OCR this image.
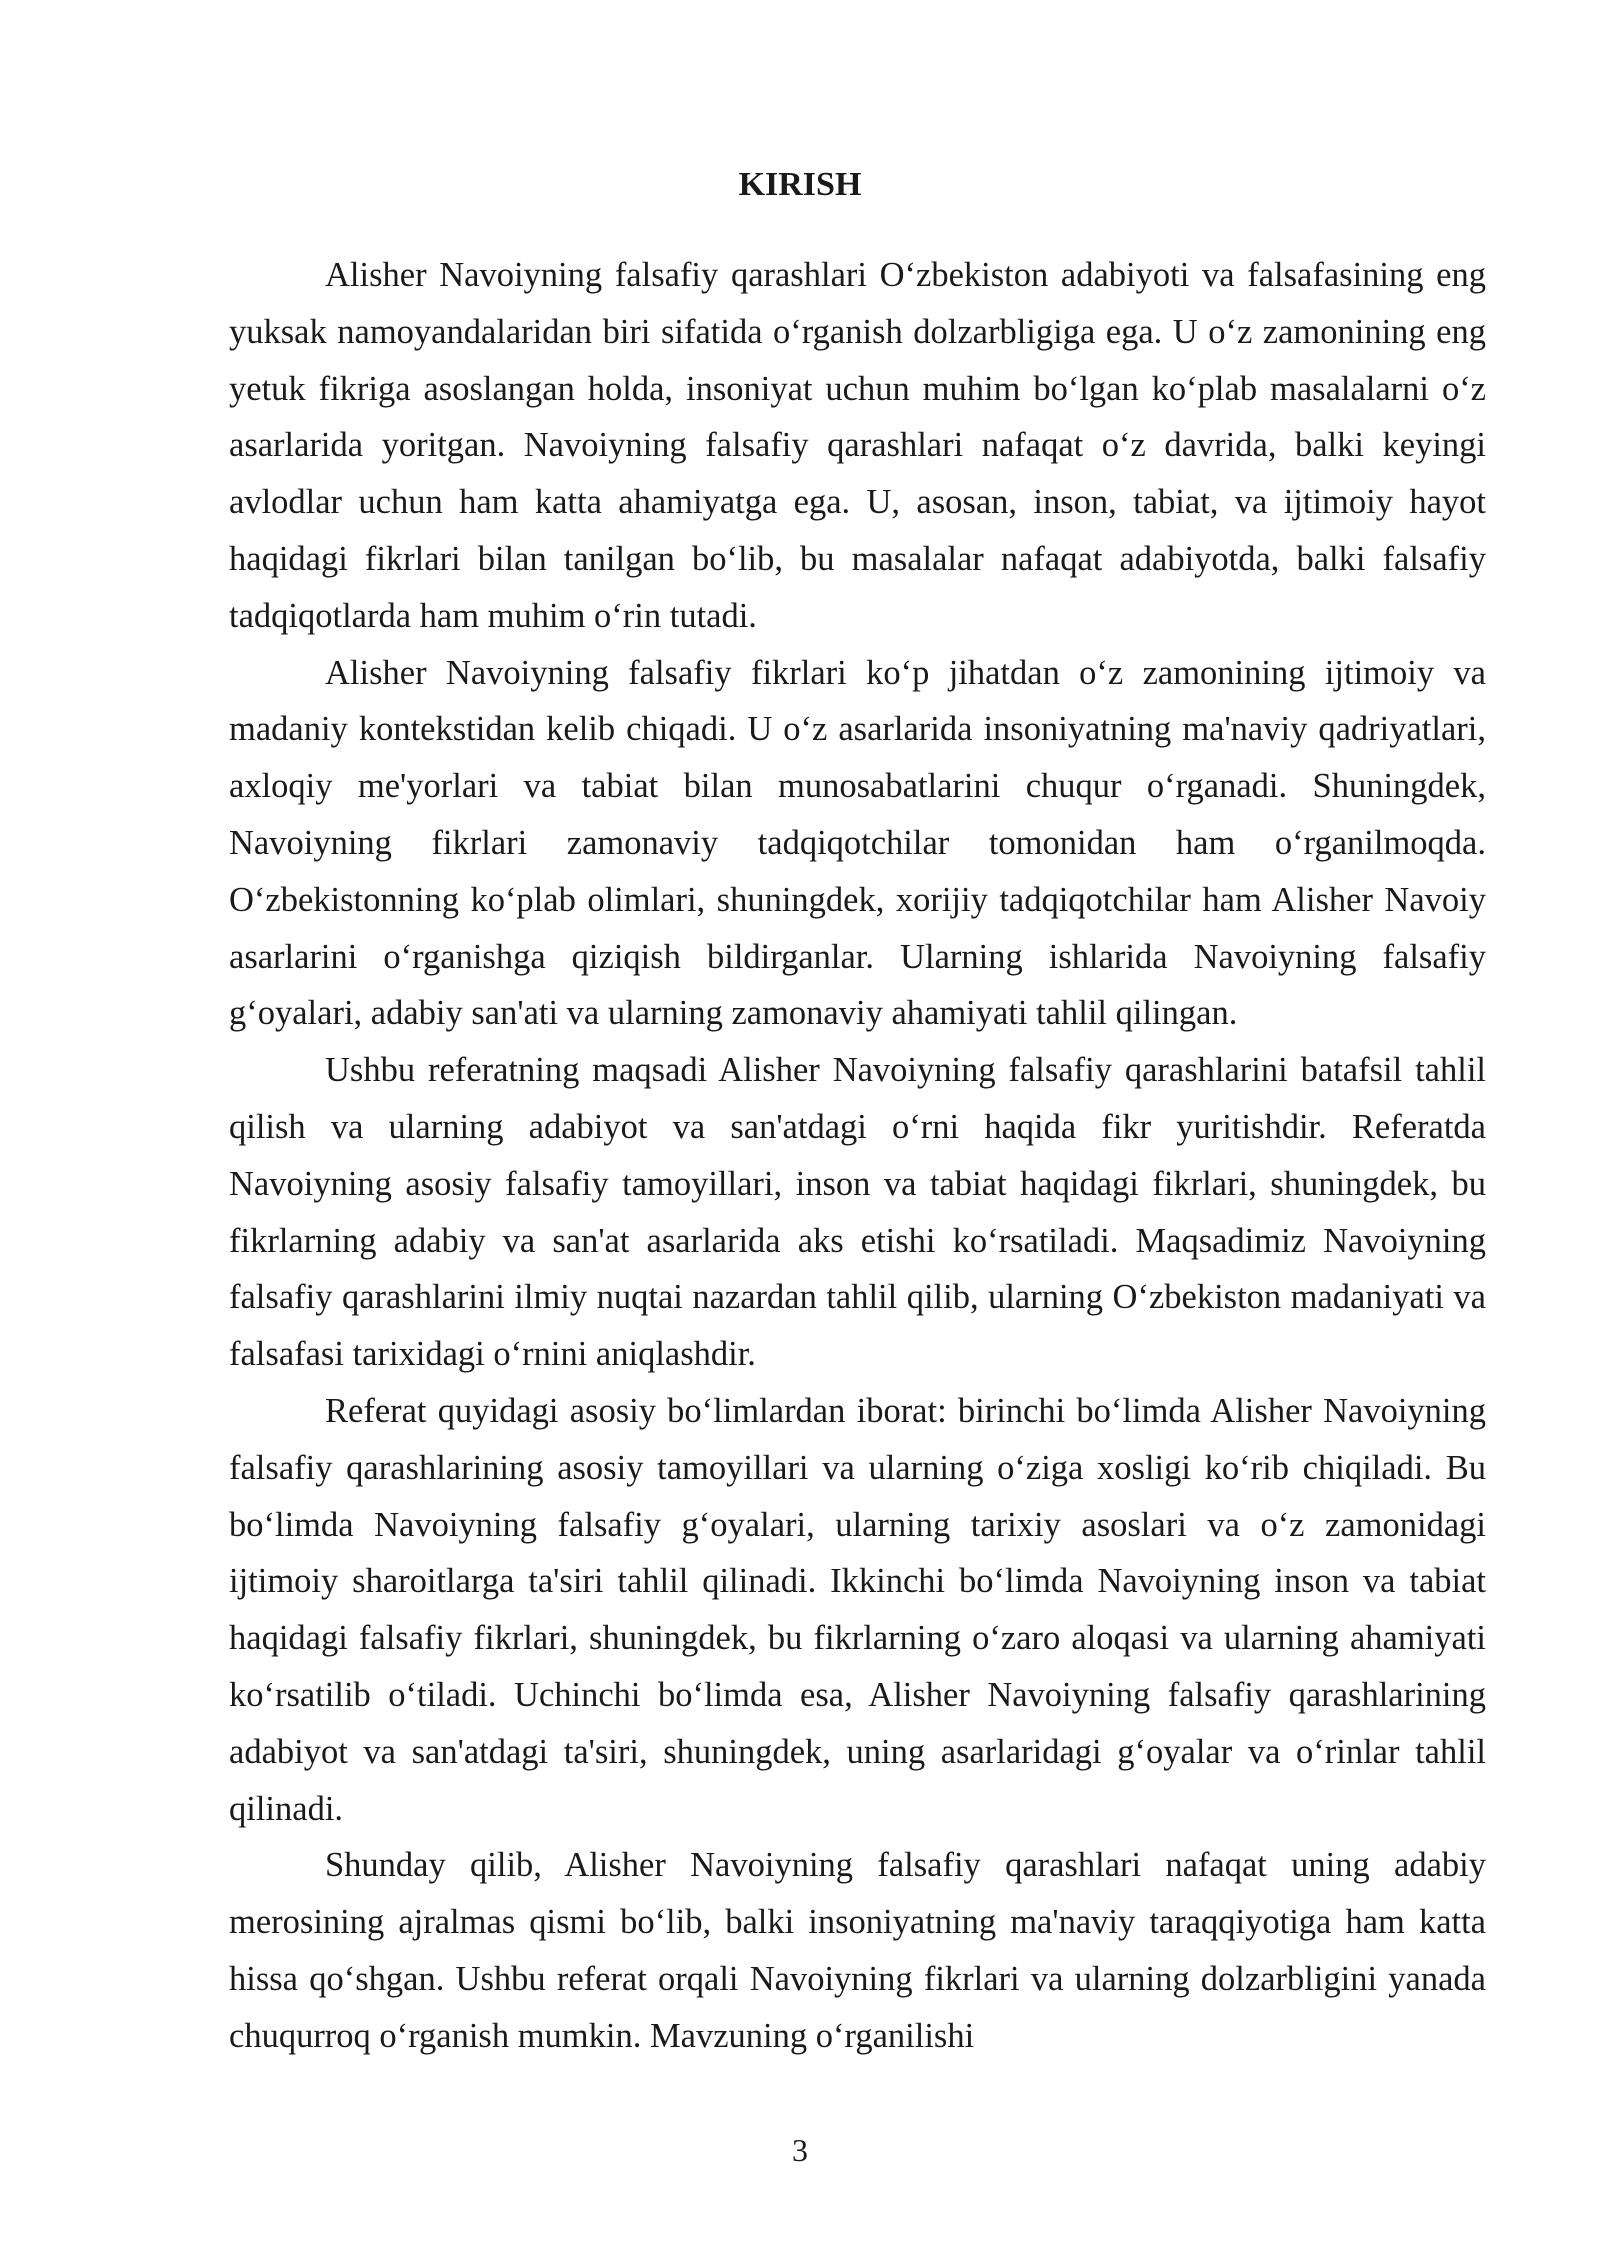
KIRISH

Alisher Navoiyning falsafiy qarashlari O‘zbekiston adabiyoti va falsafasining eng yuksak namoyandalaridan biri sifatida o‘rganish dolzarbligiga ega. U o‘z zamonining eng yetuk fikriga asoslangan holda, insoniyat uchun muhim bo‘lgan ko‘plab masalalarni o‘z asarlarida yoritgan. Navoiyning falsafiy qarashlari nafaqat o‘z davrida, balki keyingi avlodlar uchun ham katta ahamiyatga ega. U, asosan, inson, tabiat, va ijtimoiy hayot haqidagi fikrlari bilan tanilgan bo‘lib, bu masalalar nafaqat adabiyotda, balki falsafiy tadqiqotlarda ham muhim o‘rin tutadi.

Alisher Navoiyning falsafiy fikrlari ko‘p jihatdan o‘z zamonining ijtimoiy va madaniy kontekstidan kelib chiqadi. U o‘z asarlarida insoniyatning ma'naviy qadriyatlari, axloqiy me'yorlari va tabiat bilan munosabatlarini chuqur o‘rganadi. Shuningdek, Navoiyning fikrlari zamonaviy tadqiqotchilar tomonidan ham o‘rganilmoqda. O‘zbekistonning ko‘plab olimlari, shuningdek, xorijiy tadqiqotchilar ham Alisher Navoiy asarlarini o‘rganishga qiziqish bildirganlar. Ularning ishlarida Navoiyning falsafiy g‘oyalari, adabiy san'ati va ularning zamonaviy ahamiyati tahlil qilingan.

Ushbu referatning maqsadi Alisher Navoiyning falsafiy qarashlarini batafsil tahlil qilish va ularning adabiyot va san'atdagi o‘rni haqida fikr yuritishdir. Referatda Navoiyning asosiy falsafiy tamoyillari, inson va tabiat haqidagi fikrlari, shuningdek, bu fikrlarning adabiy va san'at asarlarida aks etishi ko‘rsatiladi. Maqsadimiz Navoiyning falsafiy qarashlarini ilmiy nuqtai nazardan tahlil qilib, ularning O‘zbekiston madaniyati va falsafasi tarixidagi o‘rnini aniqlashdir.

Referat quyidagi asosiy bo‘limlardan iborat: birinchi bo‘limda Alisher Navoiyning falsafiy qarashlarining asosiy tamoyillari va ularning o‘ziga xosligi ko‘rib chiqiladi. Bu bo‘limda Navoiyning falsafiy g‘oyalari, ularning tarixiy asoslari va o‘z zamonidagi ijtimoiy sharoitlarga ta'siri tahlil qilinadi. Ikkinchi bo‘limda Navoiyning inson va tabiat haqidagi falsafiy fikrlari, shuningdek, bu fikrlarning o‘zaro aloqasi va ularning ahamiyati ko‘rsatilib o‘tiladi. Uchinchi bo‘limda esa, Alisher Navoiyning falsafiy qarashlarining adabiyot va san'atdagi ta'siri, shuningdek, uning asarlaridagi g‘oyalar va o‘rinlar tahlil qilinadi.

Shunday qilib, Alisher Navoiyning falsafiy qarashlari nafaqat uning adabiy merosining ajralmas qismi bo‘lib, balki insoniyatning ma'naviy taraqqiyotiga ham katta hissa qo‘shgan. Ushbu referat orqali Navoiyning fikrlari va ularning dolzarbligini yanada chuqurroq o‘rganish mumkin. Mavzuning o‘rganilishi

3
